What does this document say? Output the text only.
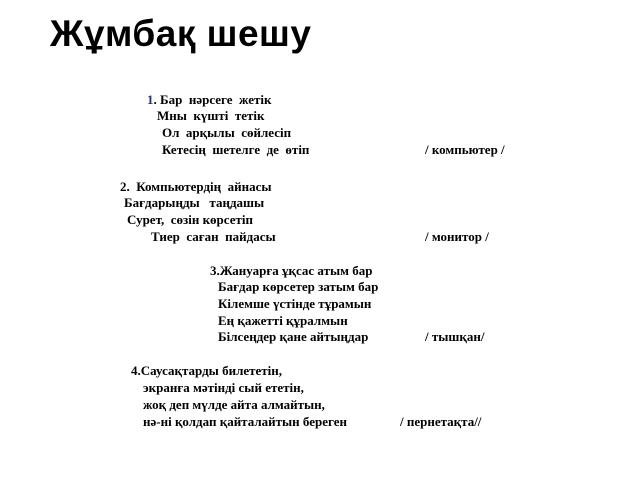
Жұмбақ шешу
1. Бар  нәрсеге  жетік
Мны  күшті  тетік
Ол  арқылы  сөйлесіп
Кетесің  шетелге  де  өтіп	/ компьютер /
2.  Компьютердің  айнасы
Бағдарыңды   таңдашы
Сурет,  сөзін көрсетіп
Тиер  саған  пайдасы	/ монитор /
3.Жануарға ұқсас атым бар
Бағдар көрсетер затым бар
Кілемше үстінде тұрамын
Ең қажетті құралмын
Білсеңдер қане айтыңдар	/ тышқан/
4.Саусақтарды билететін,
экранға мәтінді сый ететін,
жоқ деп мүлде айта алмайтын,
нә-ні қолдап қайталайтын береген	/ пернетақта//
